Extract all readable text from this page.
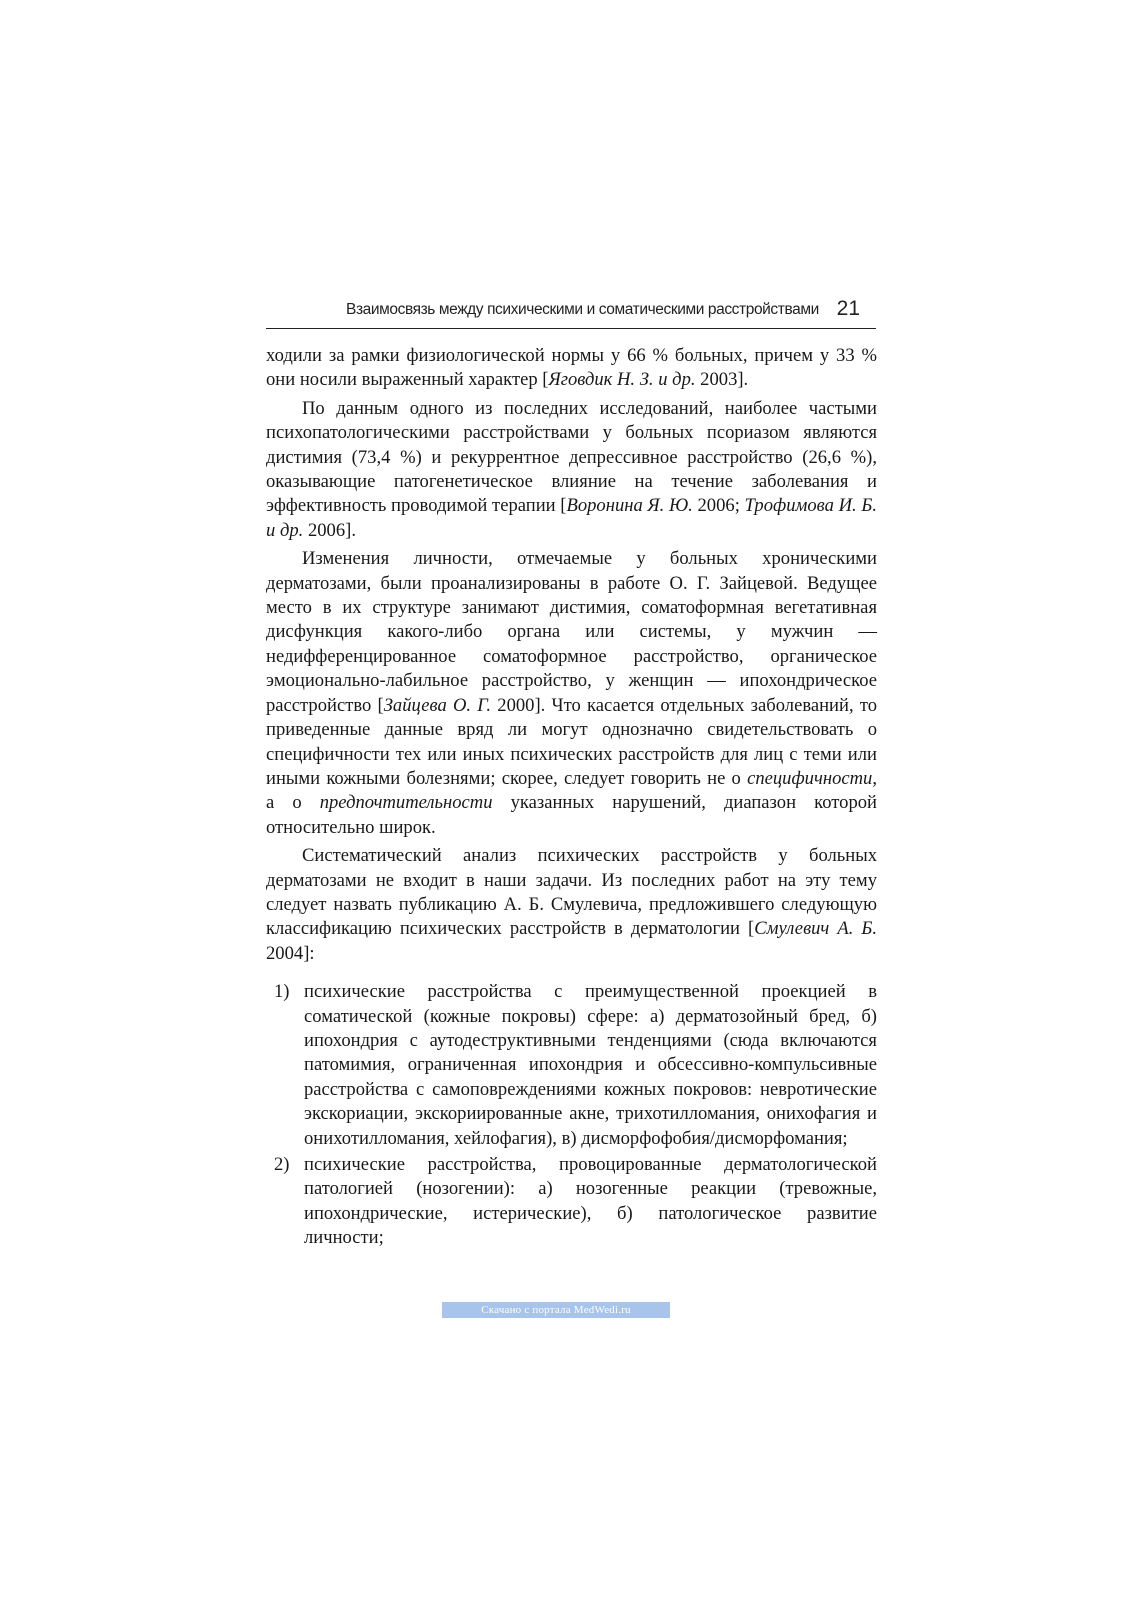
Взаимосвязь между психическими и соматическими расстройствами 21

ходили за рамки физиологической нормы у 66 % больных, причем у 33 % они носили выраженный характер [Яговдик Н. З. и др. 2003].

По данным одного из последних исследований, наиболее частыми психопатологическими расстройствами у больных псориазом являются дистимия (73,4 %) и рекуррентное депрессивное расстройство (26,6 %), оказывающие патогенетическое влияние на течение заболевания и эффективность проводимой терапии [Воронина Я. Ю. 2006; Трофимова И. Б. и др. 2006].

Изменения личности, отмечаемые у больных хроническими дерматозами, были проанализированы в работе О. Г. Зайцевой. Ведущее место в их структуре занимают дистимия, соматоформная вегетативная дисфункция какого-либо органа или системы, у мужчин — недифференцированное соматоформное расстройство, органическое эмоционально-лабильное расстройство, у женщин — ипохондрическое расстройство [Зайцева О. Г. 2000]. Что касается отдельных заболеваний, то приведенные данные вряд ли могут однозначно свидетельствовать о специфичности тех или иных психических расстройств для лиц с теми или иными кожными болезнями; скорее, следует говорить не о специфичности, а о предпочтительности указанных нарушений, диапазон которой относительно широк.

Систематический анализ психических расстройств у больных дерматозами не входит в наши задачи. Из последних работ на эту тему следует назвать публикацию А. Б. Смулевича, предложившего следующую классификацию психических расстройств в дерматологии [Смулевич А. Б. 2004]:

1) психические расстройства с преимущественной проекцией в соматической (кожные покровы) сфере: а) дерматозойный бред, б) ипохондрия с аутодеструктивными тенденциями (сюда включаются патомимия, ограниченная ипохондрия и обсессивно-компульсивные расстройства с самоповреждениями кожных покровов: невротические экскориации, экскориированные акне, трихотилломания, онихофагия и онихотилломания, хейлофагия), в) дисморфофобия/дисморфомания;
2) психические расстройства, провоцированные дерматологической патологией (нозогении): а) нозогенные реакции (тревожные, ипохондрические, истерические), б) патологическое развитие личности;
Скачано с портала MedWedi.ru
